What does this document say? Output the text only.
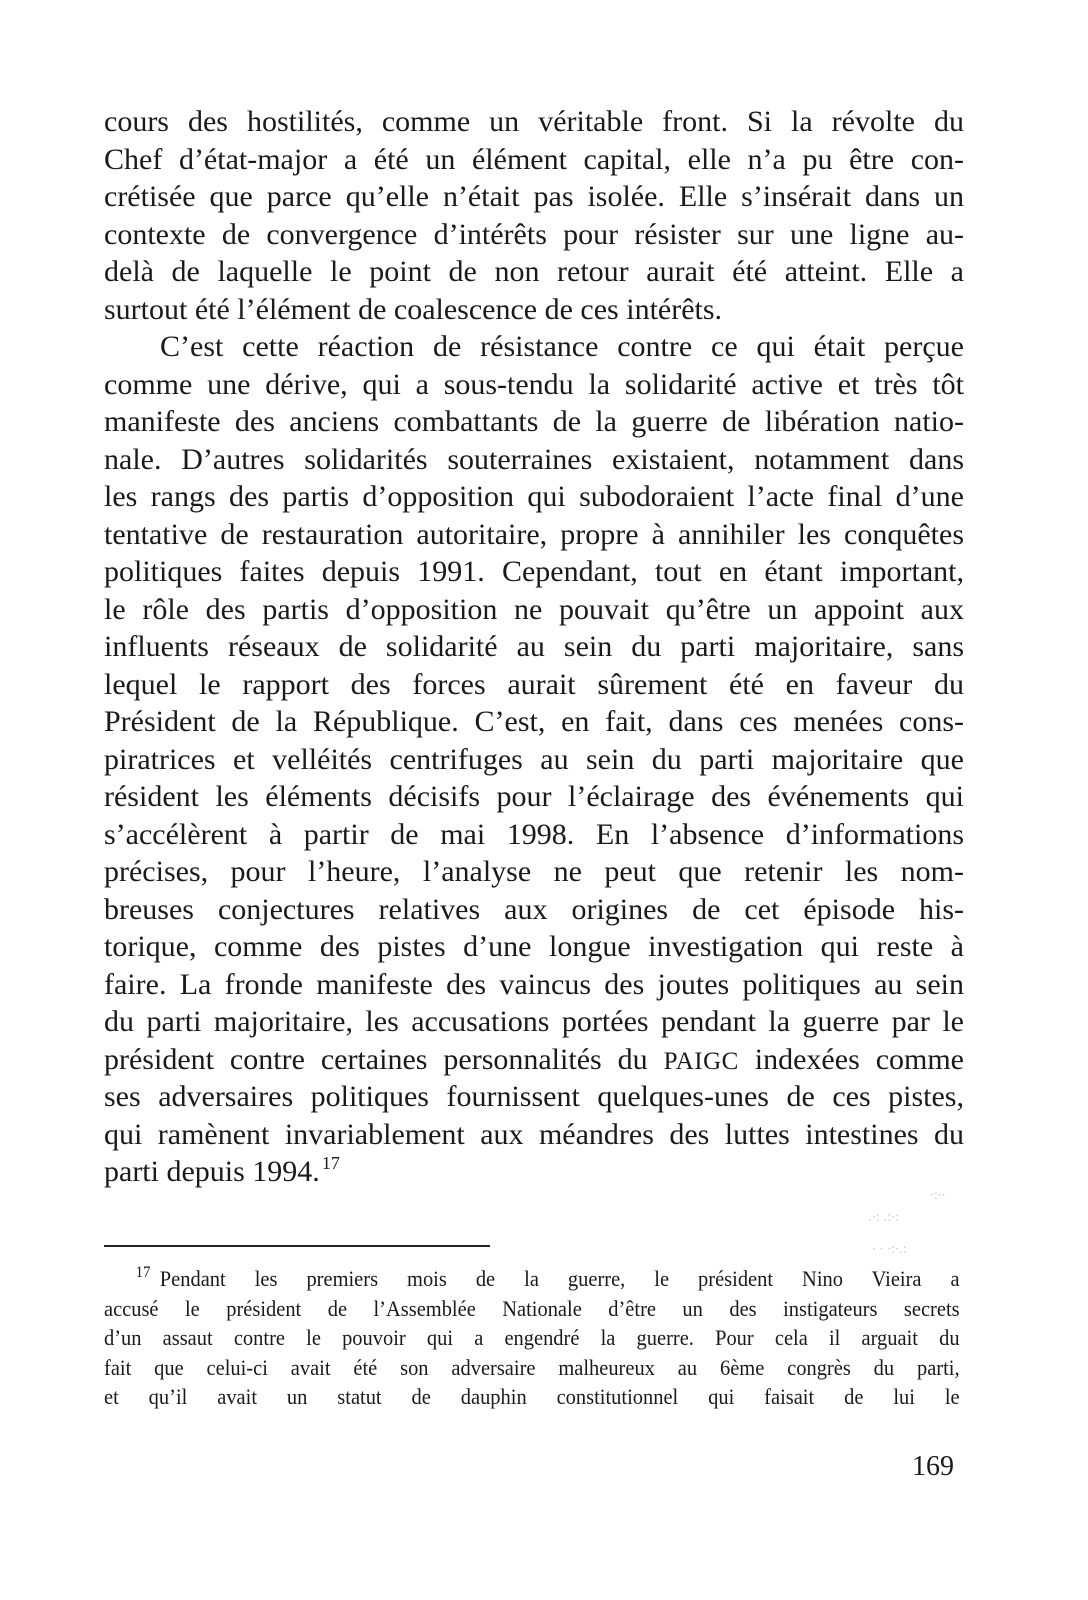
cours des hostilités, comme un véritable front. Si la révolte du
Chef d’état-major a été un élément capital, elle n’a pu être con-
crétisée que parce qu’elle n’était pas isolée. Elle s’insérait dans un
contexte de convergence d’intérêts pour résister sur une ligne au-
delà de laquelle le point de non retour aurait été atteint. Elle a
surtout été l’élément de coalescence de ces intérêts.
C’est cette réaction de résistance contre ce qui était perçue
comme une dérive, qui a sous-tendu la solidarité active et très tôt
manifeste des anciens combattants de la guerre de libération natio-
nale. D’autres solidarités souterraines existaient, notamment dans
les rangs des partis d’opposition qui subodoraient l’acte final d’une
tentative de restauration autoritaire, propre à annihiler les conquêtes
politiques faites depuis 1991. Cependant, tout en étant important,
le rôle des partis d’opposition ne pouvait qu’être un appoint aux
influents réseaux de solidarité au sein du parti majoritaire, sans
lequel le rapport des forces aurait sûrement été en faveur du
Président de la République. C’est, en fait, dans ces menées cons-
piratrices et velléités centrifuges au sein du parti majoritaire que
résident les éléments décisifs pour l’éclairage des événements qui
s’accélèrent à partir de mai 1998. En l’absence d’informations
précises, pour l’heure, l’analyse ne peut que retenir les nom-
breuses conjectures relatives aux origines de cet épisode his-
torique, comme des pistes d’une longue investigation qui reste à
faire. La fronde manifeste des vaincus des joutes politiques au sein
du parti majoritaire, les accusations portées pendant la guerre par le
président contre certaines personnalités du PAIGC indexées comme
ses adversaires politiques fournissent quelques-unes de ces pistes,
qui ramènent invariablement aux méandres des luttes intestines du
parti depuis 1994. $^{17}$
·:··
.·: .:·:
· · ·:·.:
$^{17}$ Pendant les premiers mois de la guerre, le président Nino Vieira a
accusé le président de l’Assemblée Nationale d’être un des instigateurs secrets
d’un assaut contre le pouvoir qui a engendré la guerre. Pour cela il arguait du
fait que celui-ci avait été son adversaire malheureux au 6ème congrès du parti,
et qu’il avait un statut de dauphin constitutionnel qui faisait de lui le
169
